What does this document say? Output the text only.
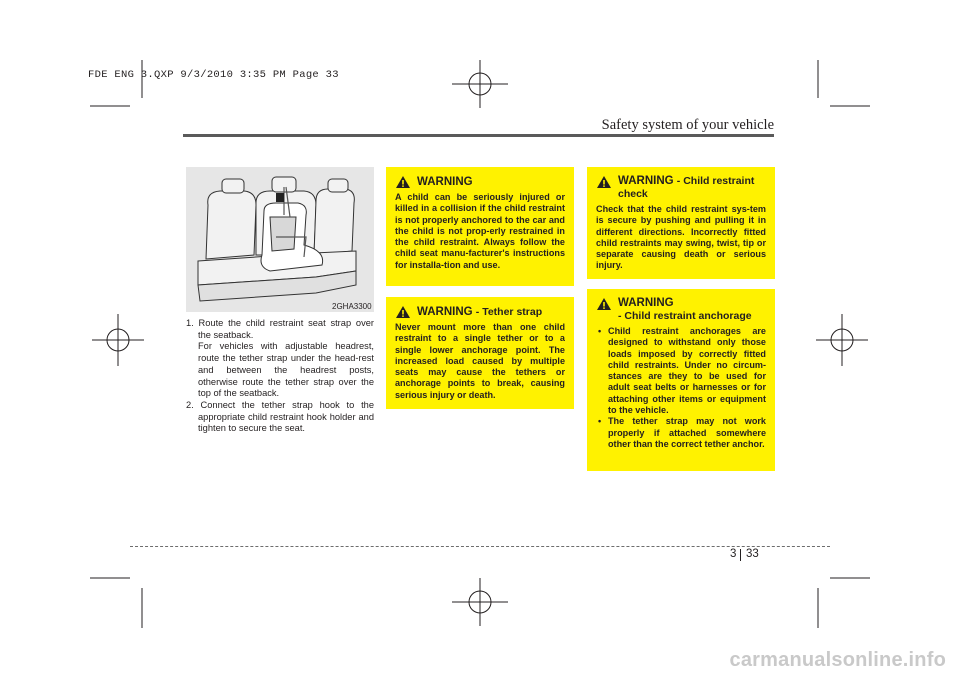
FDE ENG 3.QXP 9/3/2010 3:35 PM Page 33
Safety system of your vehicle
2GHA3300
1. Route the child restraint seat strap over the seatback.
For vehicles with adjustable headrest, route the tether strap under the head-rest and between the headrest posts, otherwise route the tether strap over the top of the seatback.
2. Connect the tether strap hook to the appropriate child restraint hook holder and tighten to secure the seat.
WARNING
A child can be seriously injured or killed in a collision if the child restraint is not properly anchored to the car and the child is not prop-erly restrained in the child restraint. Always follow the child seat manu-facturer's instructions for installa-tion and use.
WARNING
- Tether strap
Never mount more than one child restraint to a single tether or to a single lower anchorage point. The increased load caused by multiple seats may cause the tethers or anchorage points to break, causing serious injury or death.
WARNING - Child restraint check
Check that the child restraint sys-tem is secure by pushing and pulling it in different directions. Incorrectly fitted child restraints may swing, twist, tip or separate causing death or serious injury.
WARNING
- Child restraint anchorage
• Child restraint anchorages are designed to withstand only those loads imposed by correctly fitted child restraints. Under no circum-stances are they to be used for adult seat belts or harnesses or for attaching other items or equipment to the vehicle.
• The tether strap may not work properly if attached somewhere other than the correct tether anchor.
3 33
carmanualsonline.info
